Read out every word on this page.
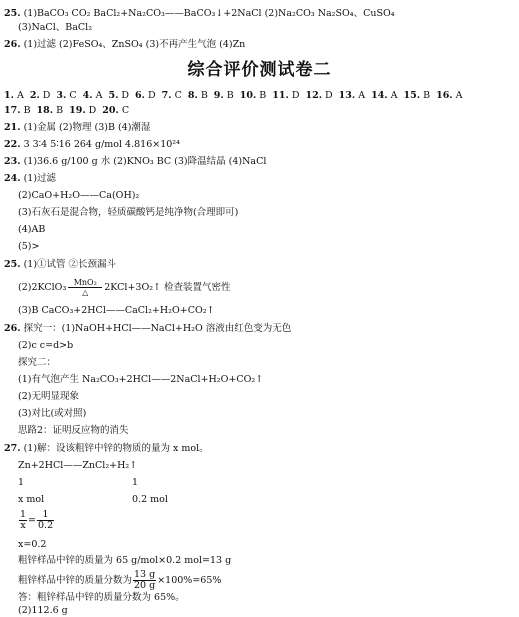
25. (1)BaCO₃ CO₂ BaCl₂+Na₂CO₃——BaCO₃↓+2NaCl (2)Na₂CO₃ Na₂SO₄、CuSO₄
(3)NaCl、BaCl₂
26. (1)过滤 (2)FeSO₄、ZnSO₄ (3)不再产生气泡 (4)Zn
综合评价测试卷二
1. A 2. D 3. C 4. A 5. D 6. D 7. C 8. B 9. B 10. B 11. D 12. D 13. A 14. A 15. B 16. A
17. B 18. B 19. D 20. C
21. (1)金属 (2)物理 (3)B (4)潮湿
22. 3 3∶4 5∶16 264 g/mol 4.816×10²⁴
23. (1)36.6 g/100 g 水 (2)KNO₃ BC (3)降温结晶 (4)NaCl
24. (1)过滤
(2)CaO+H₂O——Ca(OH)₂
(3)石灰石是混合物，轻质碳酸钙是纯净物(合理即可)
(4)AB
(5)>
25. (1)①试管 ②长颈漏斗
(2)2KClO₃ MnO₂
△	2KCl+3O₂↑ 检查装置气密性
(3)B CaCO₃+2HCl——CaCl₂+H₂O+CO₂↑
26. 探究一：(1)NaOH+HCl——NaCl+H₂O 溶液由红色变为无色
(2)c c=d>b
探究二：
(1)有气泡产生 Na₂CO₃+2HCl——2NaCl+H₂O+CO₂↑
(2)无明显现象
(3)对比(或对照)
思路2：证明反应物的消失
27. (1)解：设该粗锌中锌的物质的量为 x mol。
Zn+2HCl——ZnCl₂+H₂↑
1	1
x mol	0.2 mol
$\frac{1}{x} = \frac{1}{0.2}$
x=0.2
粗锌样品中锌的质量为 65 g/mol×0.2 mol=13 g
粗锌样品中锌的质量分数为 $\frac{13 g}{20 g} \times 100\%=65\%$
答：粗锌样品中锌的质量分数为 65%。
(2)112.6 g
